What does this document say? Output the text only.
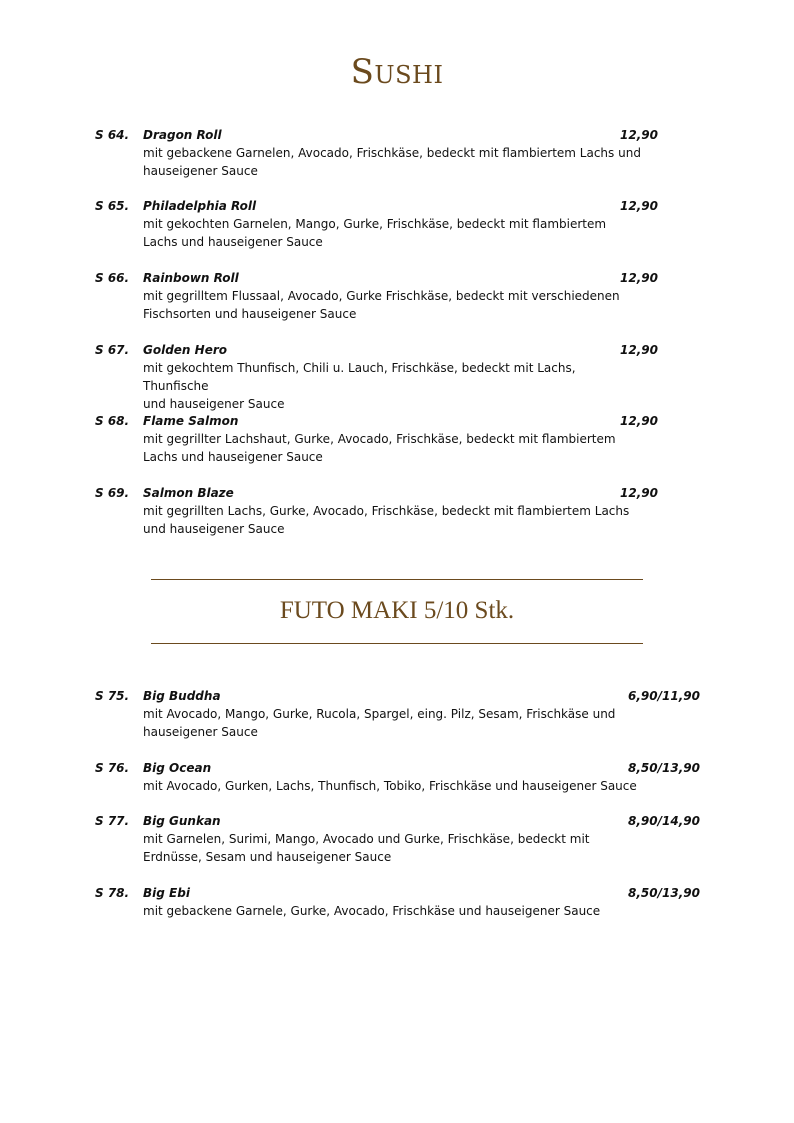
Sushi
S 64. Dragon Roll	12,90
mit gebackene Garnelen, Avocado, Frischkäse, bedeckt mit flambiertem Lachs und
hauseigener Sauce
S 65. Philadelphia Roll	12,90
mit gekochten Garnelen, Mango, Gurke, Frischkäse, bedeckt mit flambiertem
Lachs und hauseigener Sauce
S 66. Rainbown Roll	12,90
mit gegrilltem Flussaal, Avocado, Gurke Frischkäse, bedeckt mit verschiedenen
Fischsorten und hauseigener Sauce
S 67. Golden Hero	12,90
mit gekochtem Thunfisch, Chili u. Lauch, Frischkäse, bedeckt mit Lachs, Thunfische
und hauseigener Sauce
S 68. Flame Salmon	12,90
mit gegrillter Lachshaut, Gurke, Avocado, Frischkäse, bedeckt mit flambiertem
Lachs und hauseigener Sauce
S 69. Salmon Blaze	12,90
mit gegrillten Lachs, Gurke, Avocado, Frischkäse, bedeckt mit flambiertem Lachs
und hauseigener Sauce
FUTO MAKI 5/10 Stk.
S 75. Big Buddha	6,90/11,90
mit Avocado, Mango, Gurke, Rucola, Spargel, eing. Pilz, Sesam, Frischkäse und
hauseigener Sauce
S 76. Big Ocean	8,50/13,90
mit Avocado, Gurken, Lachs, Thunfisch, Tobiko, Frischkäse und hauseigener Sauce
S 77. Big Gunkan	8,90/14,90
mit Garnelen, Surimi, Mango, Avocado und Gurke, Frischkäse, bedeckt mit
Erdnüsse, Sesam und hauseigener Sauce
S 78. Big Ebi	8,50/13,90
mit gebackene Garnele, Gurke, Avocado, Frischkäse und hauseigener Sauce
